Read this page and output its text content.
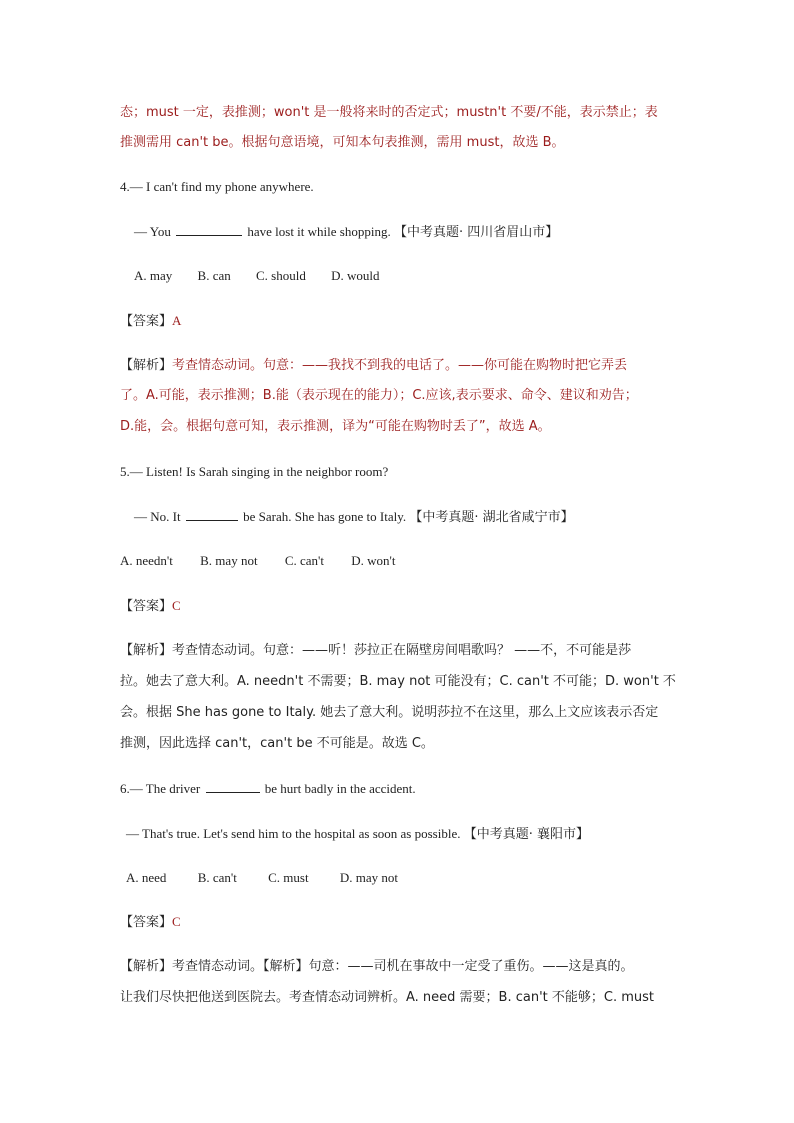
态；must 一定，表推测；won't 是一般将来时的否定式；mustn't 不要/不能，表示禁止；表
推测需用 can't be。根据句意语境，可知本句表推测，需用 must，故选 B。
4.— I can't find my phone anywhere.
— You	have lost it while shopping. 【中考真题· 四川省眉山市】
A. may B. can C. should D. would
【答案】A
【解析】考查情态动词。句意：——我找不到我的电话了。——你可能在购物时把它弄丢
了。A.可能，表示推测；B.能（表示现在的能力）；C.应该,表示要求、命令、建议和劝告；
D.能，会。根据句意可知，表示推测，译为“可能在购物时丢了”，故选 A。
5.— Listen! Is Sarah singing in the neighbor room?
— No. It	be Sarah. She has gone to Italy. 【中考真题· 湖北省咸宁市】
A. needn't B. may not C. can't D. won't
【答案】C
【解析】考查情态动词。句意：——听！莎拉正在隔壁房间唱歌吗？ ——不，不可能是莎
拉。她去了意大利。A. needn't 不需要；B. may not 可能没有；C. can't 不可能；D. won't 不
会。根据 She has gone to Italy. 她去了意大利。说明莎拉不在这里，那么上文应该表示否定
推测，因此选择 can't，can't be 不可能是。故选 C。
6.— The driver	be hurt badly in the accident.
— That's true. Let's send him to the hospital as soon as possible. 【中考真题· 襄阳市】
A. need B. can't C. must D. may not
【答案】C
【解析】考查情态动词。【解析】句意：——司机在事故中一定受了重伤。——这是真的。
让我们尽快把他送到医院去。考查情态动词辨析。A. need 需要；B. can't 不能够；C. must
